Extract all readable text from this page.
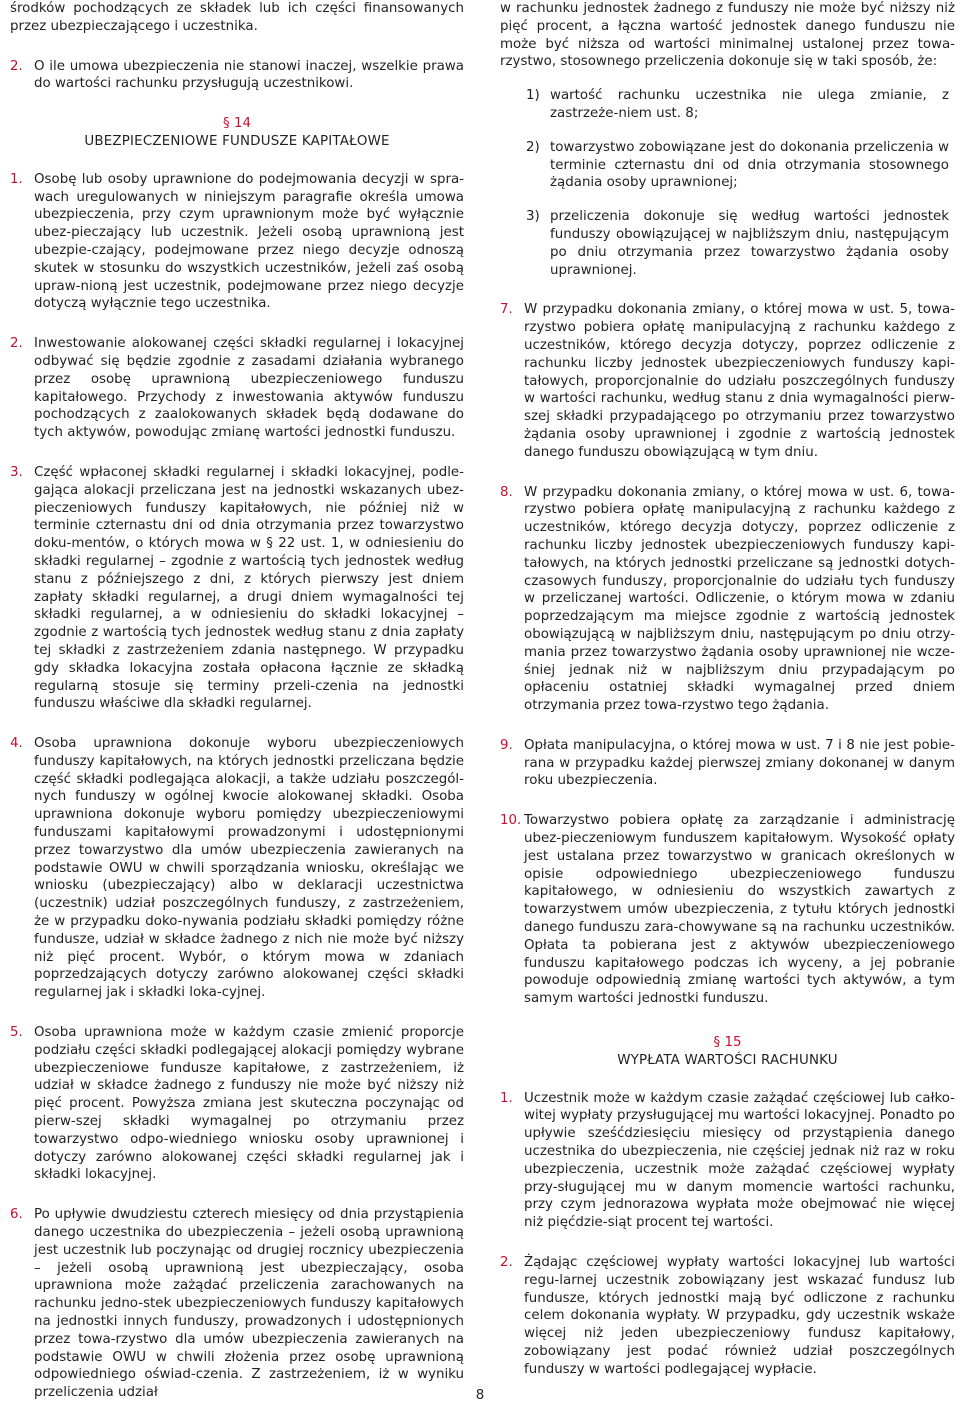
środków pochodzących ze składek lub ich części finansowanych przez ubezpieczającego i uczestnika.

2. O ile umowa ubezpieczenia nie stanowi inaczej, wszelkie prawa do wartości rachunku przysługują uczestnikowi.

§ 14
UBEZPIECZENIOWE FUNDUSZE KAPITAŁOWE
1. Osobę lub osoby uprawnione do podejmowania decyzji w spra-wach uregulowanych w niniejszym paragrafie określa umowa ubezpieczenia, przy czym uprawnionym może być wyłącznie ubez-pieczający lub uczestnik. Jeżeli osobą uprawnioną jest ubezpie-czający, podejmowane przez niego decyzje odnoszą skutek w stosunku do wszystkich uczestników, jeżeli zaś osobą upraw-nioną jest uczestnik, podejmowane przez niego decyzje dotyczą wyłącznie tego uczestnika.

2. Inwestowanie alokowanej części składki regularnej i lokacyjnej odbywać się będzie zgodnie z zasadami działania wybranego przez osobę uprawnioną ubezpieczeniowego funduszu kapitałowego. Przychody z inwestowania aktywów funduszu pochodzących z zaalokowanych składek będą dodawane do tych aktywów, powodując zmianę wartości jednostki funduszu.

3. Część wpłaconej składki regularnej i składki lokacyjnej, podle-gająca alokacji przeliczana jest na jednostki wskazanych ubez-pieczeniowych funduszy kapitałowych, nie później niż w terminie czternastu dni od dnia otrzymania przez towarzystwo doku-mentów, o których mowa w § 22 ust. 1, w odniesieniu do składki regularnej – zgodnie z wartością tych jednostek według stanu z późniejszego z dni, z których pierwszy jest dniem zapłaty składki regularnej, a drugi dniem wymagalności tej składki regularnej, a w odniesieniu do składki lokacyjnej – zgodnie z wartością tych jednostek według stanu z dnia zapłaty tej składki z zastrzeżeniem zdania następnego. W przypadku gdy składka lokacyjna została opłacona łącznie ze składką regularną stosuje się terminy przeli-czenia na jednostki funduszu właściwe dla składki regularnej.

4. Osoba uprawniona dokonuje wyboru ubezpieczeniowych funduszy kapitałowych, na których jednostki przeliczana będzie część składki podlegająca alokacji, a także udziału poszczegól-nych funduszy w ogólnej kwocie alokowanej składki. Osoba uprawniona dokonuje wyboru pomiędzy ubezpieczeniowymi funduszami kapitałowymi prowadzonymi i udostępnionymi przez towarzystwo dla umów ubezpieczenia zawieranych na podstawie OWU w chwili sporządzania wniosku, określając we wniosku (ubezpieczający) albo w deklaracji uczestnictwa (uczestnik) udział poszczególnych funduszy, z zastrzeżeniem, że w przypadku doko-nywania podziału składki pomiędzy różne fundusze, udział w składce żadnego z nich nie może być niższy niż pięć procent. Wybór, o którym mowa w zdaniach poprzedzających dotyczy zarówno alokowanej części składki regularnej jak i składki loka-cyjnej.

5. Osoba uprawniona może w każdym czasie zmienić proporcje podziału części składki podlegającej alokacji pomiędzy wybrane ubezpieczeniowe fundusze kapitałowe, z zastrzeżeniem, iż udział w składce żadnego z funduszy nie może być niższy niż pięć procent. Powyższa zmiana jest skuteczna poczynając od pierw-szej składki wymagalnej po otrzymaniu przez towarzystwo odpo-wiedniego wniosku osoby uprawnionej i dotyczy zarówno alokowanej części składki regularnej jak i składki lokacyjnej.

6. Po upływie dwudziestu czterech miesięcy od dnia przystąpienia danego uczestnika do ubezpieczenia – jeżeli osobą uprawnioną jest uczestnik lub poczynając od drugiej rocznicy ubezpieczenia – jeżeli osobą uprawnioną jest ubezpieczający, osoba uprawniona może zażądać przeliczenia zarachowanych na rachunku jedno-stek ubezpieczeniowych funduszy kapitałowych na jednostki innych funduszy, prowadzonych i udostępnionych przez towa-rzystwo dla umów ubezpieczenia zawieranych na podstawie OWU w chwili złożenia przez osobę uprawnioną odpowiedniego oświad-czenia. Z zastrzeżeniem, iż w wyniku przeliczenia udział

w rachunku jednostek żadnego z funduszy nie może być niższy niż pięć procent, a łączna wartość jednostek danego funduszu nie może być niższa od wartości minimalnej ustalonej przez towa-rzystwo, stosownego przeliczenia dokonuje się w taki sposób, że:

1) wartość rachunku uczestnika nie ulega zmianie, z zastrzeże-niem ust. 8;

2) towarzystwo zobowiązane jest do dokonania przeliczenia w terminie czternastu dni od dnia otrzymania stosownego żądania osoby uprawnionej;

3) przeliczenia dokonuje się według wartości jednostek funduszy obowiązującej w najbliższym dniu, następującym po dniu otrzymania przez towarzystwo żądania osoby uprawnionej.

7. W przypadku dokonania zmiany, o której mowa w ust. 5, towa-rzystwo pobiera opłatę manipulacyjną z rachunku każdego z uczestników, którego decyzja dotyczy, poprzez odliczenie z rachunku liczby jednostek ubezpieczeniowych funduszy kapi-tałowych, proporcjonalnie do udziału poszczególnych funduszy w wartości rachunku, według stanu z dnia wymagalności pierw-szej składki przypadającego po otrzymaniu przez towarzystwo żądania osoby uprawnionej i zgodnie z wartością jednostek danego funduszu obowiązującą w tym dniu.

8. W przypadku dokonania zmiany, o której mowa w ust. 6, towa-rzystwo pobiera opłatę manipulacyjną z rachunku każdego z uczestników, którego decyzja dotyczy, poprzez odliczenie z rachunku liczby jednostek ubezpieczeniowych funduszy kapi-tałowych, na których jednostki przeliczane są jednostki dotych-czasowych funduszy, proporcjonalnie do udziału tych funduszy w przeliczanej wartości. Odliczenie, o którym mowa w zdaniu poprzedzającym ma miejsce zgodnie z wartością jednostek obowiązującą w najbliższym dniu, następującym po dniu otrzy-mania przez towarzystwo żądania osoby uprawnionej nie wcze-śniej jednak niż w najbliższym dniu przypadającym po opłaceniu ostatniej składki wymagalnej przed dniem otrzymania przez towa-rzystwo tego żądania.

9. Opłata manipulacyjna, o której mowa w ust. 7 i 8 nie jest pobie-rana w przypadku każdej pierwszej zmiany dokonanej w danym roku ubezpieczenia.

10. Towarzystwo pobiera opłatę za zarządzanie i administrację ubez-pieczeniowym funduszem kapitałowym. Wysokość opłaty jest ustalana przez towarzystwo w granicach określonych w opisie odpowiedniego ubezpieczeniowego funduszu kapitałowego, w odniesieniu do wszystkich zawartych z towarzystwem umów ubezpieczenia, z tytułu których jednostki danego funduszu zara-chowywane są na rachunku uczestników. Opłata ta pobierana jest z aktywów ubezpieczeniowego funduszu kapitałowego podczas ich wyceny, a jej pobranie powoduje odpowiednią zmianę wartości tych aktywów, a tym samym wartości jednostki funduszu.

§ 15
WYPŁATA WARTOŚCI RACHUNKU
1. Uczestnik może w każdym czasie zażądać częściowej lub całko-witej wypłaty przysługującej mu wartości lokacyjnej. Ponadto po upływie sześćdziesięciu miesięcy od przystąpienia danego uczestnika do ubezpieczenia, nie częściej jednak niż raz w roku ubezpieczenia, uczestnik może zażądać częściowej wypłaty przy-sługującej mu w danym momencie wartości rachunku, przy czym jednorazowa wypłata może obejmować nie więcej niż pięćdzie-siąt procent tej wartości.

2. Żądając częściowej wypłaty wartości lokacyjnej lub wartości regu-larnej uczestnik zobowiązany jest wskazać fundusz lub fundusze, których jednostki mają być odliczone z rachunku celem dokonania wypłaty. W przypadku, gdy uczestnik wskaże więcej niż jeden ubezpieczeniowy fundusz kapitałowy, zobowiązany jest podać również udział poszczególnych funduszy w wartości podlegającej wypłacie.

8
